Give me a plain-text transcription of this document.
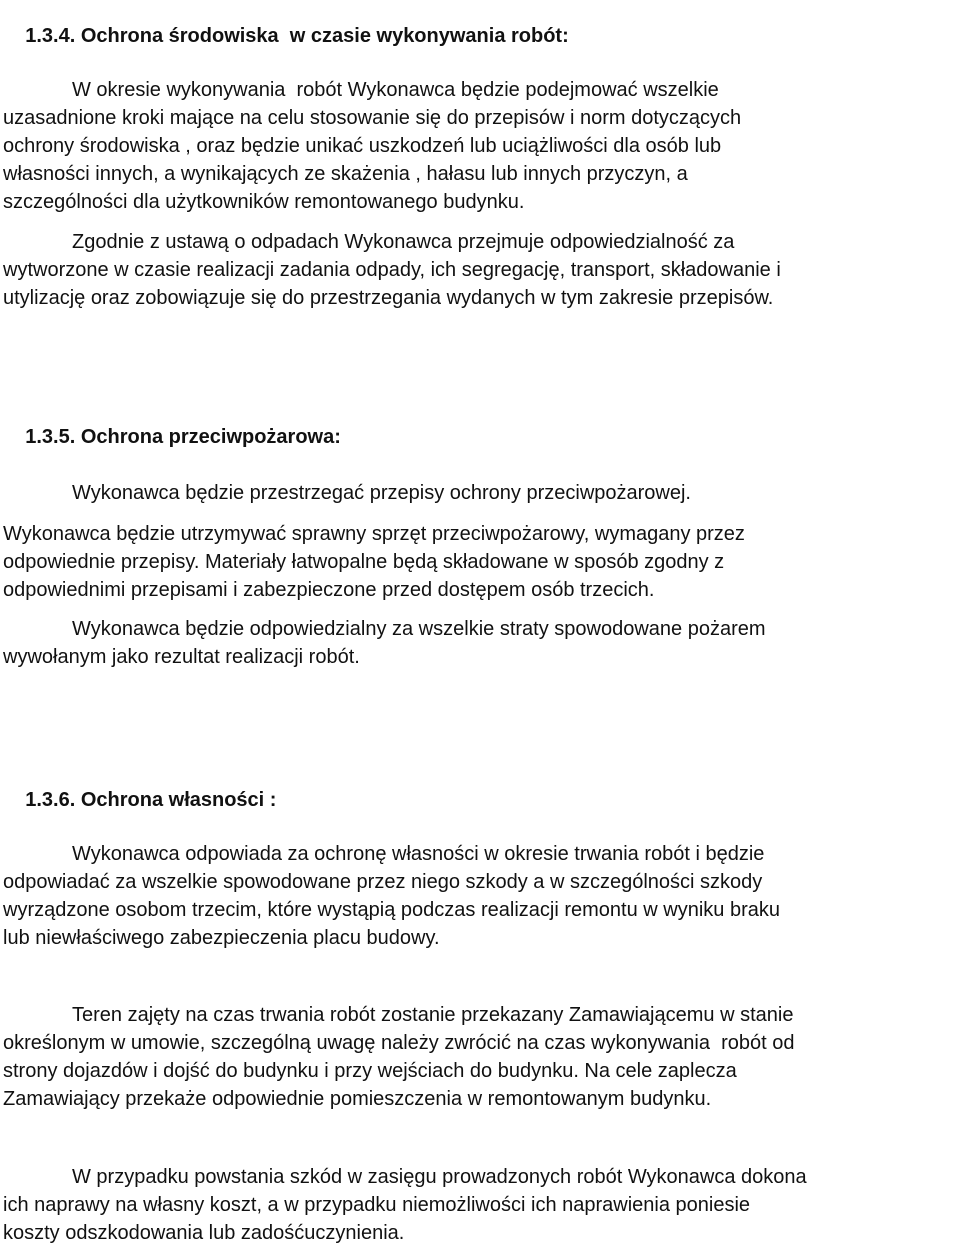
1.3.4. Ochrona środowiska  w czasie wykonywania robót:

W okresie wykonywania  robót Wykonawca będzie podejmować wszelkie
uzasadnione kroki mające na celu stosowanie się do przepisów i norm dotyczących
ochrony środowiska , oraz będzie unikać uszkodzeń lub uciążliwości dla osób lub
własności innych, a wynikających ze skażenia , hałasu lub innych przyczyn, a
szczególności dla użytkowników remontowanego budynku.
Zgodnie z ustawą o odpadach Wykonawca przejmuje odpowiedzialność za
wytworzone w czasie realizacji zadania odpady, ich segregację, transport, składowanie i
utylizację oraz zobowiązuje się do przestrzegania wydanych w tym zakresie przepisów.

1.3.5. Ochrona przeciwpożarowa:

Wykonawca będzie przestrzegać przepisy ochrony przeciwpożarowej.
Wykonawca będzie utrzymywać sprawny sprzęt przeciwpożarowy, wymagany przez
odpowiednie przepisy. Materiały łatwopalne będą składowane w sposób zgodny z
odpowiednimi przepisami i zabezpieczone przed dostępem osób trzecich.
Wykonawca będzie odpowiedzialny za wszelkie straty spowodowane pożarem
wywołanym jako rezultat realizacji robót.

1.3.6. Ochrona własności :

Wykonawca odpowiada za ochronę własności w okresie trwania robót i będzie
odpowiadać za wszelkie spowodowane przez niego szkody a w szczególności szkody
wyrządzone osobom trzecim, które wystąpią podczas realizacji remontu w wyniku braku
lub niewłaściwego zabezpieczenia placu budowy.
Teren zajęty na czas trwania robót zostanie przekazany Zamawiającemu w stanie
określonym w umowie, szczególną uwagę należy zwrócić na czas wykonywania  robót od
strony dojazdów i dojść do budynku i przy wejściach do budynku. Na cele zaplecza
Zamawiający przekaże odpowiednie pomieszczenia w remontowanym budynku.
W przypadku powstania szkód w zasięgu prowadzonych robót Wykonawca dokona
ich naprawy na własny koszt, a w przypadku niemożliwości ich naprawienia poniesie
koszty odszkodowania lub zadośćuczynienia.
